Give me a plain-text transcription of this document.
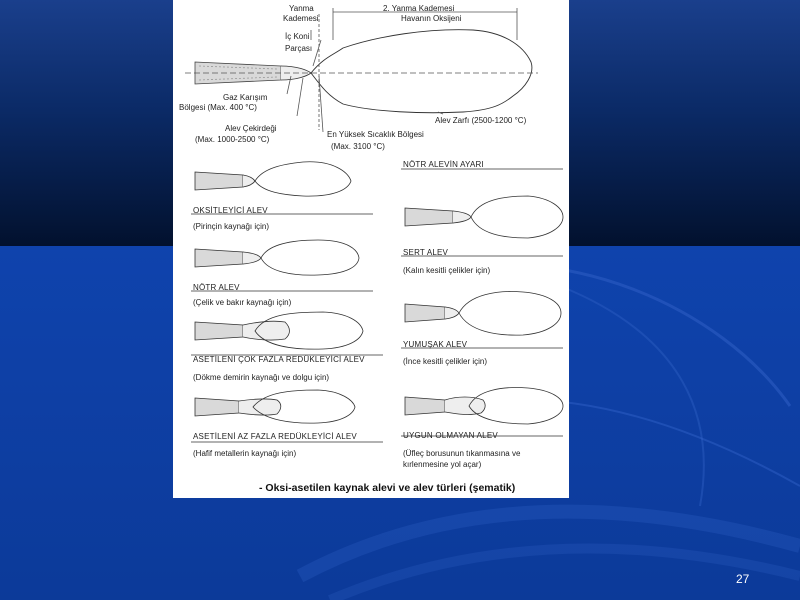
Yanma
Kademesi
2. Yanma Kademesi
Havanın Oksijeni
İç Koni
Parçası
Gaz Karışım
Bölgesi (Max. 400 °C)
Alev Çekirdeği
(Max. 1000-2500 °C)
En Yüksek Sıcaklık Bölgesi
(Max. 3100 °C)
Alev Zarfı (2500-1200 °C)
OKSİTLEYİCİ ALEV
(Pirinçin kaynağı için)
NÖTR ALEV
(Çelik ve bakır kaynağı için)
ASETİLENİ ÇOK FAZLA REDÜKLEYİCİ ALEV
(Dökme demirin kaynağı ve dolgu için)
ASETİLENİ AZ FAZLA REDÜKLEYİCİ ALEV
(Hafif metallerin kaynağı için)
NÖTR ALEVİN AYARI
SERT ALEV
(Kalın kesitli çelikler için)
YUMUŞAK ALEV
(İnce kesitli çelikler için)
UYGUN OLMAYAN ALEV
(Üfleç borusunun tıkanmasına ve
kırlenmesine yol açar)
- Oksi-asetilen kaynak alevi ve alev türleri (şematik)
27
